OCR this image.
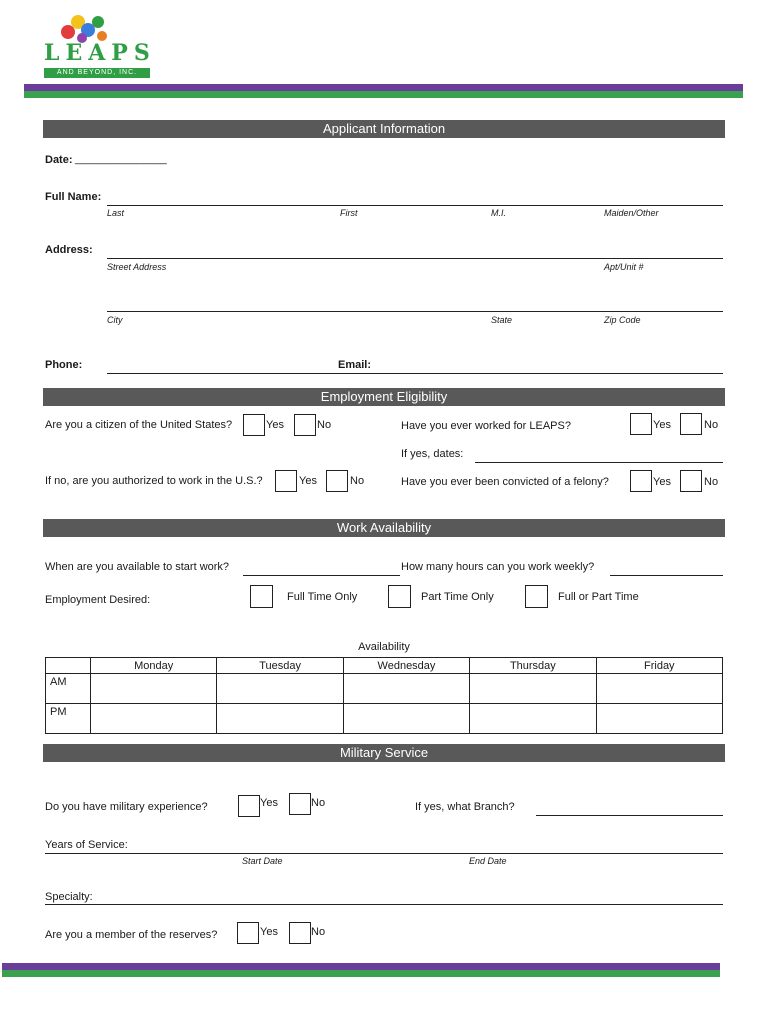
LEAPS
AND BEYOND, INC.
Applicant Information
Date: _______________
Full Name:
Last	First	M.I.	Maiden/Other
Address:
Street Address	Apt/Unit #
City	State	Zip Code
Phone:	Email:
Employment Eligibility
Are you a citizen of the United States?	Yes	No	Have you ever worked for LEAPS?	Yes	No
If yes, dates:
If no, are you authorized to work in the U.S.?	Yes	No	Have you ever been convicted of a felony?	Yes	No
Work Availability
When are you available to start work?	How many hours can you work weekly?
Employment Desired:	Full Time Only	Part Time Only	Full or Part Time
Availability
	Monday	Tuesday	Wednesday	Thursday	Friday
AM					
PM					
Military Service
Do you have military experience?	Yes	No	If yes, what Branch?
Years of Service:
Start Date	End Date
Specialty:
Are you a member of the reserves?	Yes	No
